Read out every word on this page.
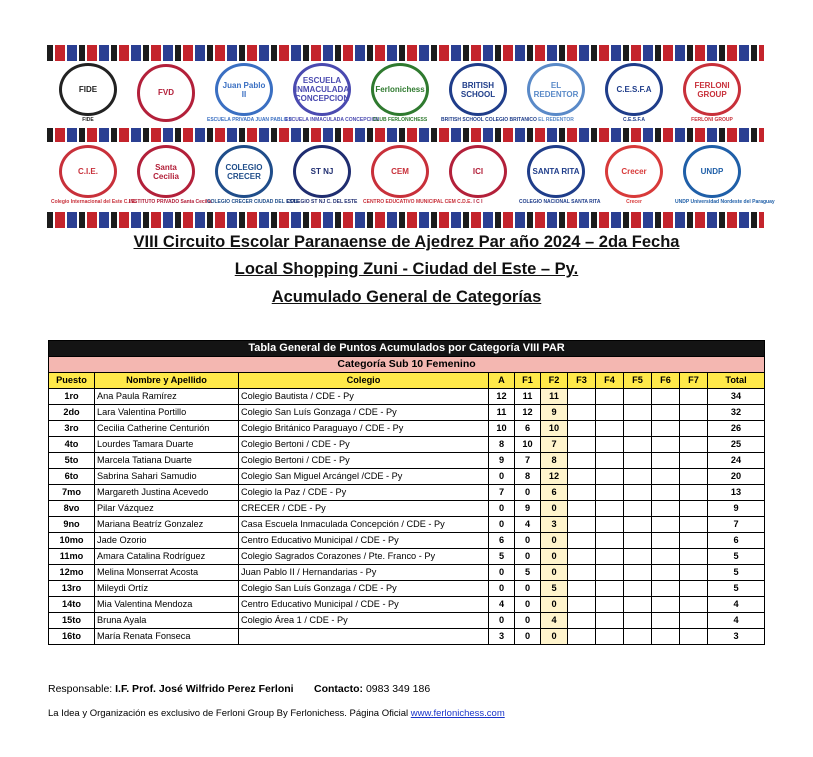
FIDE
FIDE
FVD
Juan Pablo II
ESCUELA PRIVADA JUAN PABLO II
ESCUELA INMACULADA CONCEPCION
ESCUELA INMACULADA CONCEPCION
Ferlonichess
CLUB FERLONICHESS
BRITISH SCHOOL
BRITISH SCHOOL COLEGIO BRITANICO
EL REDENTOR
EL REDENTOR
C.E.S.F.A
C.E.S.F.A
FERLONI GROUP
FERLONI GROUP
C.I.E.
Colegio Internacional del Este C.I.E.
Santa Cecilia
INSTITUTO PRIVADO Santa Cecilia
COLEGIO CRECER
COLEGIO CRECER CIUDAD DEL ESTE
ST NJ
COLEGIO ST NJ C. DEL ESTE
CEM
CENTRO EDUCATIVO MUNICIPAL CEM C.D.E.
ICI
I C I
SANTA RITA
COLEGIO NACIONAL SANTA RITA
Crecer
Crecer
UNDP
UNDP Universidad Nordeste del Paraguay
VIII Circuito Escolar Paranaense de Ajedrez Par año 2024 – 2da Fecha
Local Shopping Zuni - Ciudad del Este – Py.
Acumulado General de Categorías
Tabla General de Puntos Acumulados por Categoría VIII PAR											
Categoría Sub 10 Femenino											
Puesto	Nombre y Apellido	Colegio	A	F1	F2	F3	F4	F5	F6	F7	Total
1ro	Ana Paula Ramírez	Colegio Bautista / CDE - Py	12	11	11						34
2do	Lara Valentina Portillo	Colegio San Luís Gonzaga / CDE - Py	11	12	9						32
3ro	Cecilia Catherine Centurión	Colegio Británico Paraguayo / CDE - Py	10	6	10						26
4to	Lourdes Tamara Duarte	Colegio Bertoni / CDE - Py	8	10	7						25
5to	Marcela Tatiana Duarte	Colegio Bertoni / CDE - Py	9	7	8						24
6to	Sabrina Sahari Samudio	Colegio San Miguel Arcángel /CDE - Py	0	8	12						20
7mo	Margareth Justina Acevedo	Colegio la Paz / CDE - Py	7	0	6						13
8vo	Pilar Vázquez	CRECER / CDE - Py	0	9	0						9
9no	Mariana Beatríz Gonzalez	Casa Escuela Inmaculada Concepción / CDE - Py	0	4	3						7
10mo	Jade Ozorio	Centro Educativo Municipal / CDE - Py	6	0	0						6
11mo	Amara Catalina Rodríguez	Colegio Sagrados Corazones / Pte. Franco - Py	5	0	0						5
12mo	Melina Monserrat Acosta	Juan Pablo II / Hernandarias - Py	0	5	0						5
13ro	Mileydi Ortíz	Colegio San Luís Gonzaga / CDE - Py	0	0	5						5
14to	Mia Valentina Mendoza	Centro Educativo Municipal / CDE - Py	4	0	0						4
15to	Bruna Ayala	Colegio Área 1 / CDE - Py	0	0	4						4
16to	María Renata Fonseca		3	0	0						3
Responsable: I.F. Prof. José Wilfrido Perez Ferloni Contacto: 0983 349 186
La Idea y Organización es exclusivo de Ferloni Group By Ferlonichess. Página Oficial www.ferlonichess.com
